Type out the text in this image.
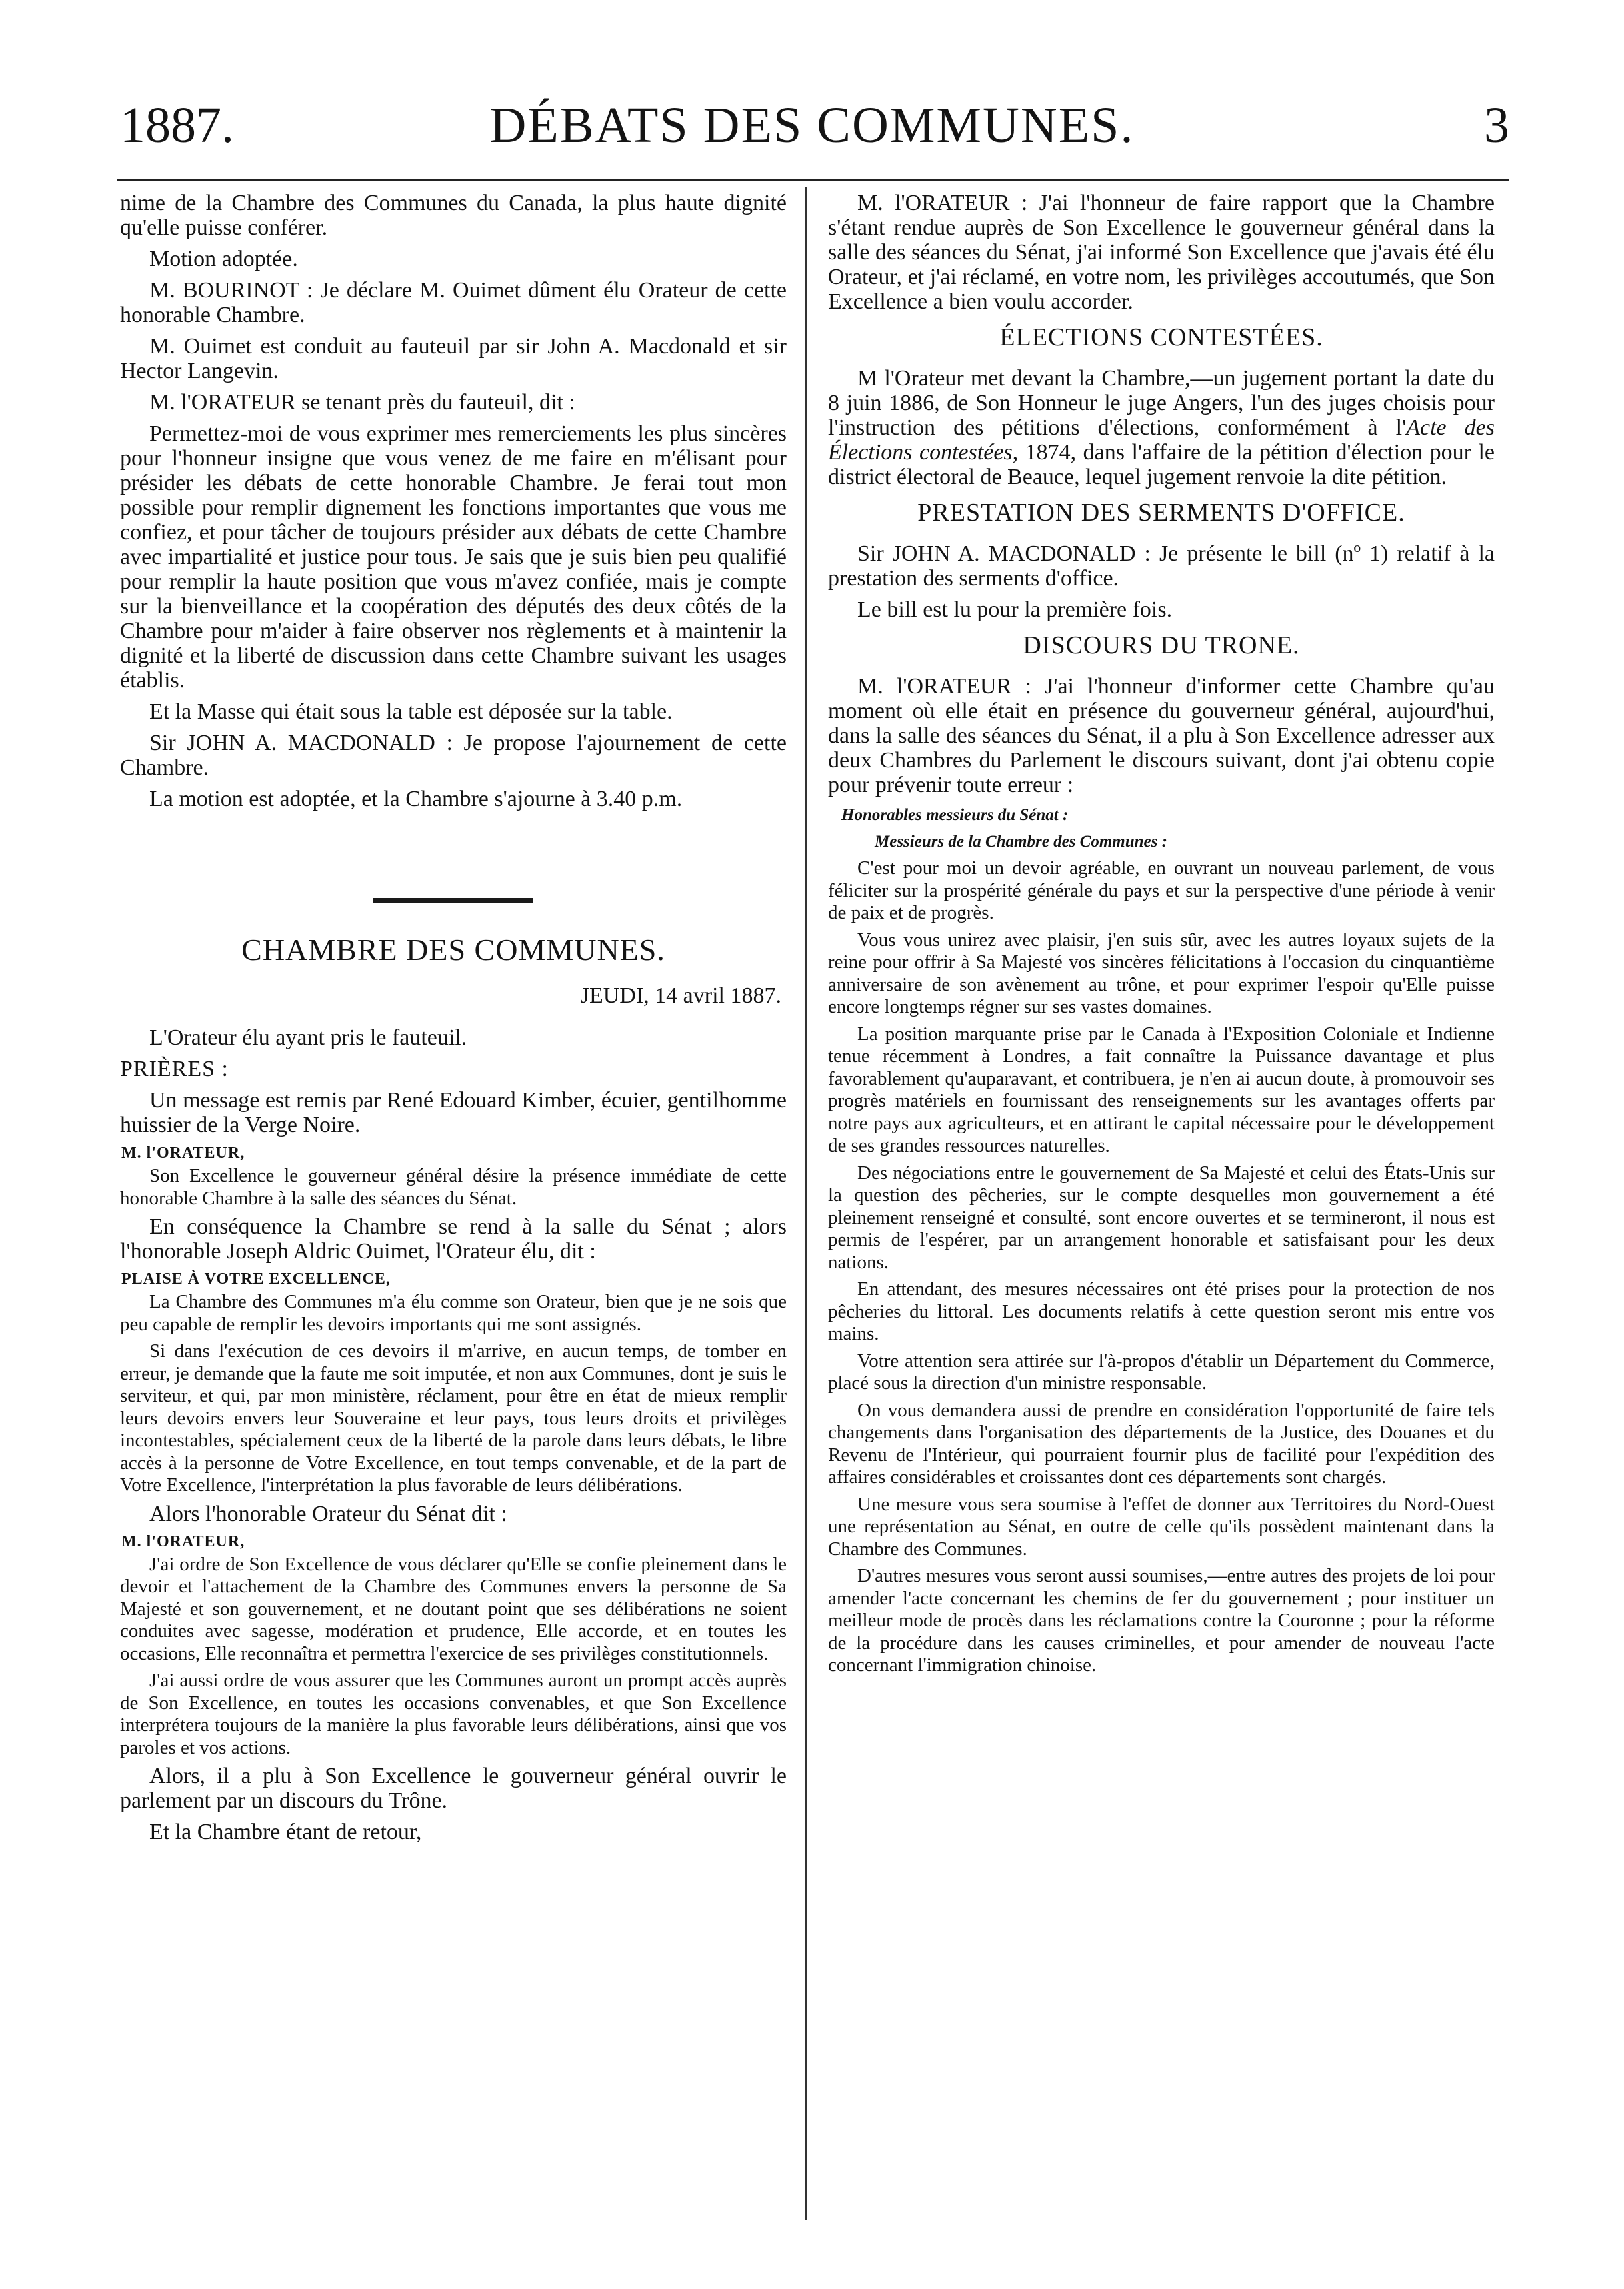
1887.	DÉBATS DES COMMUNES.	3

nime de la Chambre des Communes du Canada, la plus haute dignité qu'elle puisse conférer.

Motion adoptée.

M. BOURINOT : Je déclare M. Ouimet dûment élu Orateur de cette honorable Chambre.

M. Ouimet est conduit au fauteuil par sir John A. Macdonald et sir Hector Langevin.

M. l'ORATEUR se tenant près du fauteuil, dit :

Permettez-moi de vous exprimer mes remerciements les plus sincères pour l'honneur insigne que vous venez de me faire en m'élisant pour présider les débats de cette honorable Chambre. Je ferai tout mon possible pour remplir dignement les fonctions importantes que vous me confiez, et pour tâcher de toujours présider aux débats de cette Chambre avec impartialité et justice pour tous. Je sais que je suis bien peu qualifié pour remplir la haute position que vous m'avez confiée, mais je compte sur la bienveillance et la coopération des députés des deux côtés de la Chambre pour m'aider à faire observer nos règlements et à maintenir la dignité et la liberté de discussion dans cette Chambre suivant les usages établis.

Et la Masse qui était sous la table est déposée sur la table.

Sir JOHN A. MACDONALD : Je propose l'ajournement de cette Chambre.

La motion est adoptée, et la Chambre s'ajourne à 3.40 p.m.

CHAMBRE DES COMMUNES.

JEUDI, 14 avril 1887.

L'Orateur élu ayant pris le fauteuil.

PRIÈRES :

Un message est remis par René Edouard Kimber, écuier, gentilhomme huissier de la Verge Noire.

M. l'ORATEUR,

Son Excellence le gouverneur général désire la présence immédiate de cette honorable Chambre à la salle des séances du Sénat.

En conséquence la Chambre se rend à la salle du Sénat ; alors l'honorable Joseph Aldric Ouimet, l'Orateur élu, dit :

PLAISE À VOTRE EXCELLENCE,

La Chambre des Communes m'a élu comme son Orateur, bien que je ne sois que peu capable de remplir les devoirs importants qui me sont assignés.

Si dans l'exécution de ces devoirs il m'arrive, en aucun temps, de tomber en erreur, je demande que la faute me soit imputée, et non aux Communes, dont je suis le serviteur, et qui, par mon ministère, réclament, pour être en état de mieux remplir leurs devoirs envers leur Souveraine et leur pays, tous leurs droits et privilèges incontestables, spécialement ceux de la liberté de la parole dans leurs débats, le libre accès à la personne de Votre Excellence, en tout temps convenable, et de la part de Votre Excellence, l'interprétation la plus favorable de leurs délibérations.

Alors l'honorable Orateur du Sénat dit :

M. l'ORATEUR,

J'ai ordre de Son Excellence de vous déclarer qu'Elle se confie pleinement dans le devoir et l'attachement de la Chambre des Communes envers la personne de Sa Majesté et son gouvernement, et ne doutant point que ses délibérations ne soient conduites avec sagesse, modération et prudence, Elle accorde, et en toutes les occasions, Elle reconnaîtra et permettra l'exercice de ses privilèges constitutionnels.

J'ai aussi ordre de vous assurer que les Communes auront un prompt accès auprès de Son Excellence, en toutes les occasions convenables, et que Son Excellence interprétera toujours de la manière la plus favorable leurs délibérations, ainsi que vos paroles et vos actions.

Alors, il a plu à Son Excellence le gouverneur général ouvrir le parlement par un discours du Trône.

Et la Chambre étant de retour,

M. l'ORATEUR : J'ai l'honneur de faire rapport que la Chambre s'étant rendue auprès de Son Excellence le gouverneur général dans la salle des séances du Sénat, j'ai informé Son Excellence que j'avais été élu Orateur, et j'ai réclamé, en votre nom, les privilèges accoutumés, que Son Excellence a bien voulu accorder.

ÉLECTIONS CONTESTÉES.

M l'Orateur met devant la Chambre,—un jugement portant la date du 8 juin 1886, de Son Honneur le juge Angers, l'un des juges choisis pour l'instruction des pétitions d'élections, conformément à l'Acte des Élections contestées, 1874, dans l'affaire de la pétition d'élection pour le district électoral de Beauce, lequel jugement renvoie la dite pétition.

PRESTATION DES SERMENTS D'OFFICE.

Sir JOHN A. MACDONALD : Je présente le bill (nº 1) relatif à la prestation des serments d'office.

Le bill est lu pour la première fois.

DISCOURS DU TRONE.

M. l'ORATEUR : J'ai l'honneur d'informer cette Chambre qu'au moment où elle était en présence du gouverneur général, aujourd'hui, dans la salle des séances du Sénat, il a plu à Son Excellence adresser aux deux Chambres du Parlement le discours suivant, dont j'ai obtenu copie pour prévenir toute erreur :

Honorables messieurs du Sénat :

Messieurs de la Chambre des Communes :

C'est pour moi un devoir agréable, en ouvrant un nouveau parlement, de vous féliciter sur la prospérité générale du pays et sur la perspective d'une période à venir de paix et de progrès.

Vous vous unirez avec plaisir, j'en suis sûr, avec les autres loyaux sujets de la reine pour offrir à Sa Majesté vos sincères félicitations à l'occasion du cinquantième anniversaire de son avènement au trône, et pour exprimer l'espoir qu'Elle puisse encore longtemps régner sur ses vastes domaines.

La position marquante prise par le Canada à l'Exposition Coloniale et Indienne tenue récemment à Londres, a fait connaître la Puissance davantage et plus favorablement qu'auparavant, et contribuera, je n'en ai aucun doute, à promouvoir ses progrès matériels en fournissant des renseignements sur les avantages offerts par notre pays aux agriculteurs, et en attirant le capital nécessaire pour le développement de ses grandes ressources naturelles.

Des négociations entre le gouvernement de Sa Majesté et celui des États-Unis sur la question des pêcheries, sur le compte desquelles mon gouvernement a été pleinement renseigné et consulté, sont encore ouvertes et se termineront, il nous est permis de l'espérer, par un arrangement honorable et satisfaisant pour les deux nations.

En attendant, des mesures nécessaires ont été prises pour la protection de nos pêcheries du littoral. Les documents relatifs à cette question seront mis entre vos mains.

Votre attention sera attirée sur l'à-propos d'établir un Département du Commerce, placé sous la direction d'un ministre responsable.

On vous demandera aussi de prendre en considération l'opportunité de faire tels changements dans l'organisation des départements de la Justice, des Douanes et du Revenu de l'Intérieur, qui pourraient fournir plus de facilité pour l'expédition des affaires considérables et croissantes dont ces départements sont chargés.

Une mesure vous sera soumise à l'effet de donner aux Territoires du Nord-Ouest une représentation au Sénat, en outre de celle qu'ils possèdent maintenant dans la Chambre des Communes.

D'autres mesures vous seront aussi soumises,—entre autres des projets de loi pour amender l'acte concernant les chemins de fer du gouvernement ; pour instituer un meilleur mode de procès dans les réclamations contre la Couronne ; pour la réforme de la procédure dans les causes criminelles, et pour amender de nouveau l'acte concernant l'immigration chinoise.
